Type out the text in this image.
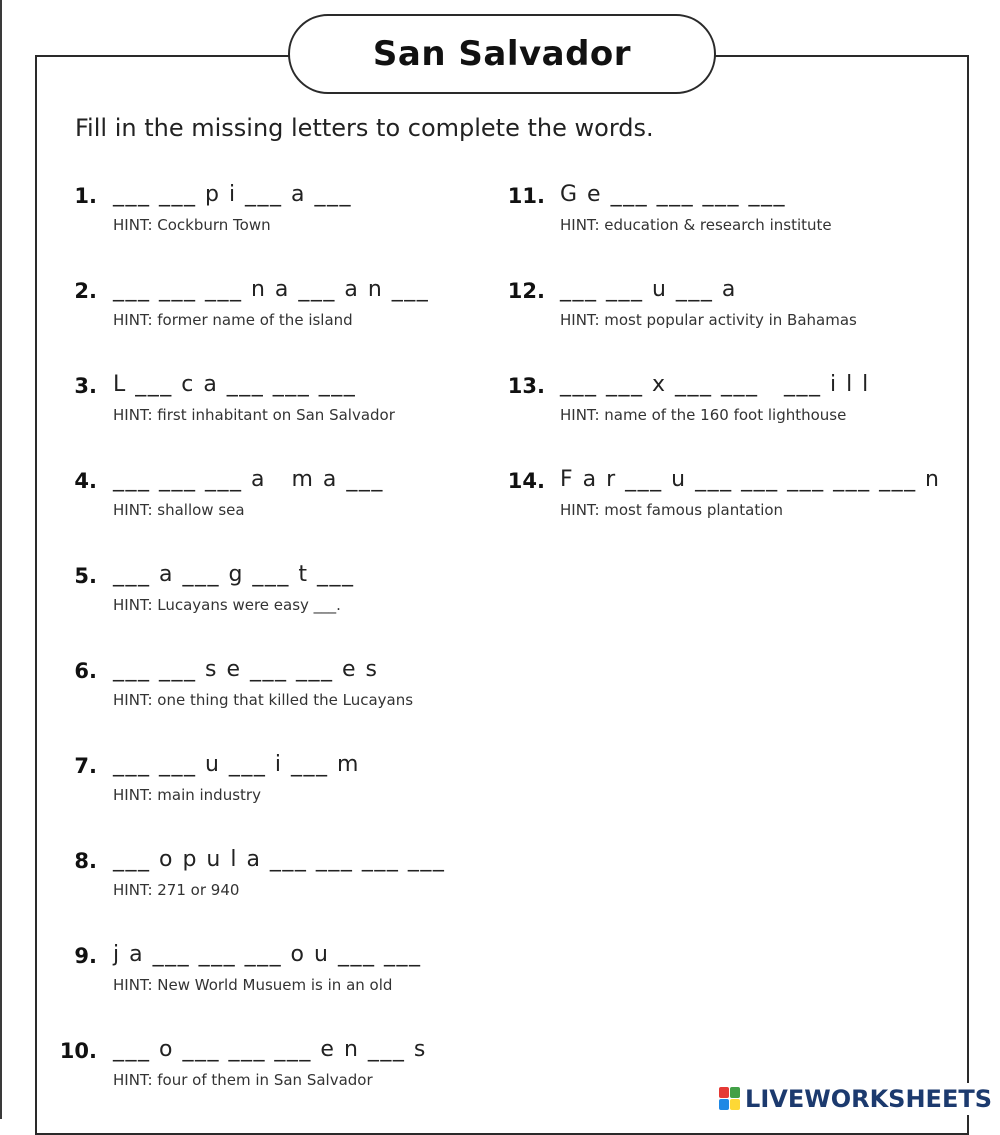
San Salvador
Fill in the missing letters to complete the words.
1. ___ ___ p i ___ a ___
HINT: Cockburn Town
2. ___ ___ ___ n a ___ a n ___
HINT: former name of the island
3. L ___ c a ___ ___ ___
HINT: first inhabitant on San Salvador
4. ___ ___ ___ a   m a ___
HINT: shallow sea
5. ___ a ___ g ___ t ___
HINT: Lucayans were easy ___.
6. ___ ___ s e ___ ___ e s
HINT: one thing that killed the Lucayans
7. ___ ___ u ___ i ___ m
HINT: main industry
8. ___ o p u l a ___ ___ ___ ___
HINT: 271 or 940
9. j a ___ ___ ___ o u ___ ___
HINT: New World Musuem is in an old
10. ___ o ___ ___ ___ e n ___ s
HINT: four of them in San Salvador
11. G e ___ ___ ___ ___
HINT: education & research institute
12. ___ ___ u ___ a
HINT: most popular activity in Bahamas
13. ___ ___ x ___ ___   ___ i l l
HINT: name of the 160 foot lighthouse
14. F a r ___ u ___ ___ ___ ___ ___ n
HINT: most famous plantation
LIVEWORKSHEETS
